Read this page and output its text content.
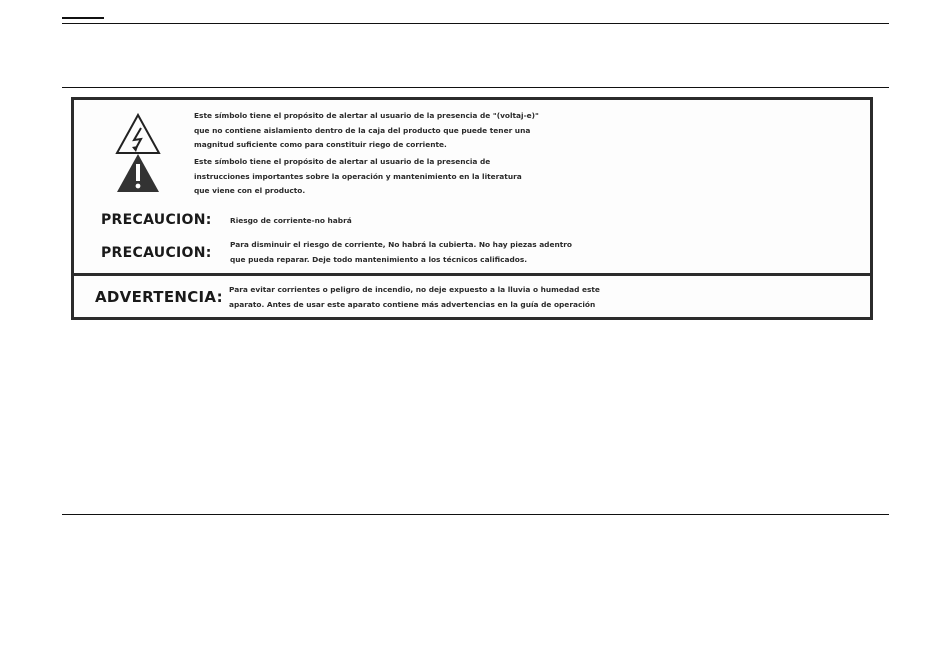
Este símbolo tiene el propósito de alertar al usuario de la presencia de "(voltaj-e)"
que no contiene aislamiento dentro de la caja del producto que puede tener una
magnitud suficiente como para constituir riego de corriente.
Este símbolo tiene el propósito de alertar al usuario de la presencia de
instrucciones importantes sobre la operación y mantenimiento en la literatura
que viene con el producto.
PRECAUCION: Riesgo de corriente-no habrá
PRECAUCION:
Para disminuir el riesgo de corriente, No habrá la cubierta. No hay piezas adentro
que pueda reparar. Deje todo mantenimiento a los técnicos calificados.
ADVERTENCIA: Para evitar corrientes o peligro de incendio, no deje expuesto a la lluvia o humedad este
aparato. Antes de usar este aparato contiene más advertencias en la guía de operación
